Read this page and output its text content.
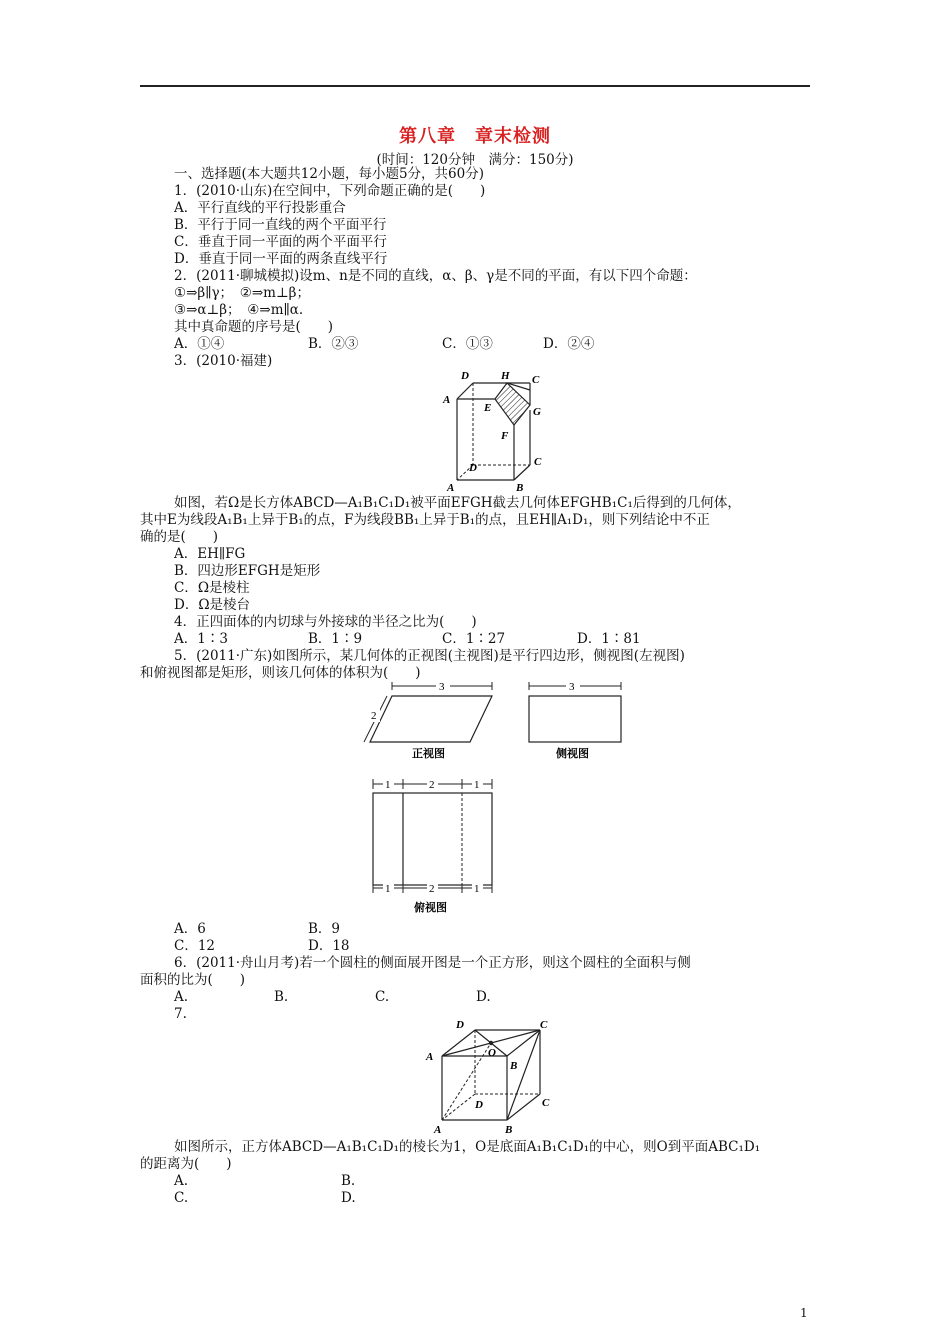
第八章　章末检测
(时间：120分钟　满分：150分)
一、选择题(本大题共12小题，每小题5分，共60分)
1．(2010·山东)在空间中，下列命题正确的是(　　)
A．平行直线的平行投影重合
B．平行于同一直线的两个平面平行
C．垂直于同一平面的两个平面平行
D．垂直于同一平面的两条直线平行
2．(2011·聊城模拟)设m、n是不同的直线，α、β、γ是不同的平面，有以下四个命题：
①⇒β∥γ；　②⇒m⊥β；
③⇒α⊥β；　④⇒m∥α.
其中真命题的序号是(　　)
A．①④	B．②③	C．①③	D．②④
3．(2010·福建)
D	H C
A
E	G
F
D	C
A	B
如图，若Ω是长方体ABCD—A₁B₁C₁D₁被平面EFGH截去几何体EFGHB₁C₁后得到的几何体，
其中E为线段A₁B₁上异于B₁的点，F为线段BB₁上异于B₁的点，且EH∥A₁D₁，则下列结论中不正
确的是(　　)
A．EH∥FG
B．四边形EFGH是矩形
C．Ω是棱柱
D．Ω是棱台
4．正四面体的内切球与外接球的半径之比为(　　)
A．1∶3	B．1∶9	C．1∶27	D．1∶81
5．(2011·广东)如图所示，某几何体的正视图(主视图)是平行四边形，侧视图(左视图)
和俯视图都是矩形，则该几何体的体积为(　　)
3
2
正视图
3
侧视图
1	2	1
1	2	1
俯视图
A．6	B．9
C．12	D．18
6．(2011·舟山月考)若一个圆柱的侧面展开图是一个正方形，则这个圆柱的全面积与侧
面积的比为(　　)
A.	B.	C.	D.
7.
D	C
A	O
B
D	C
A	B
如图所示，正方体ABCD—A₁B₁C₁D₁的棱长为1，O是底面A₁B₁C₁D₁的中心，则O到平面ABC₁D₁
的距离为(　　)
A.	B.
C.	D.
1
